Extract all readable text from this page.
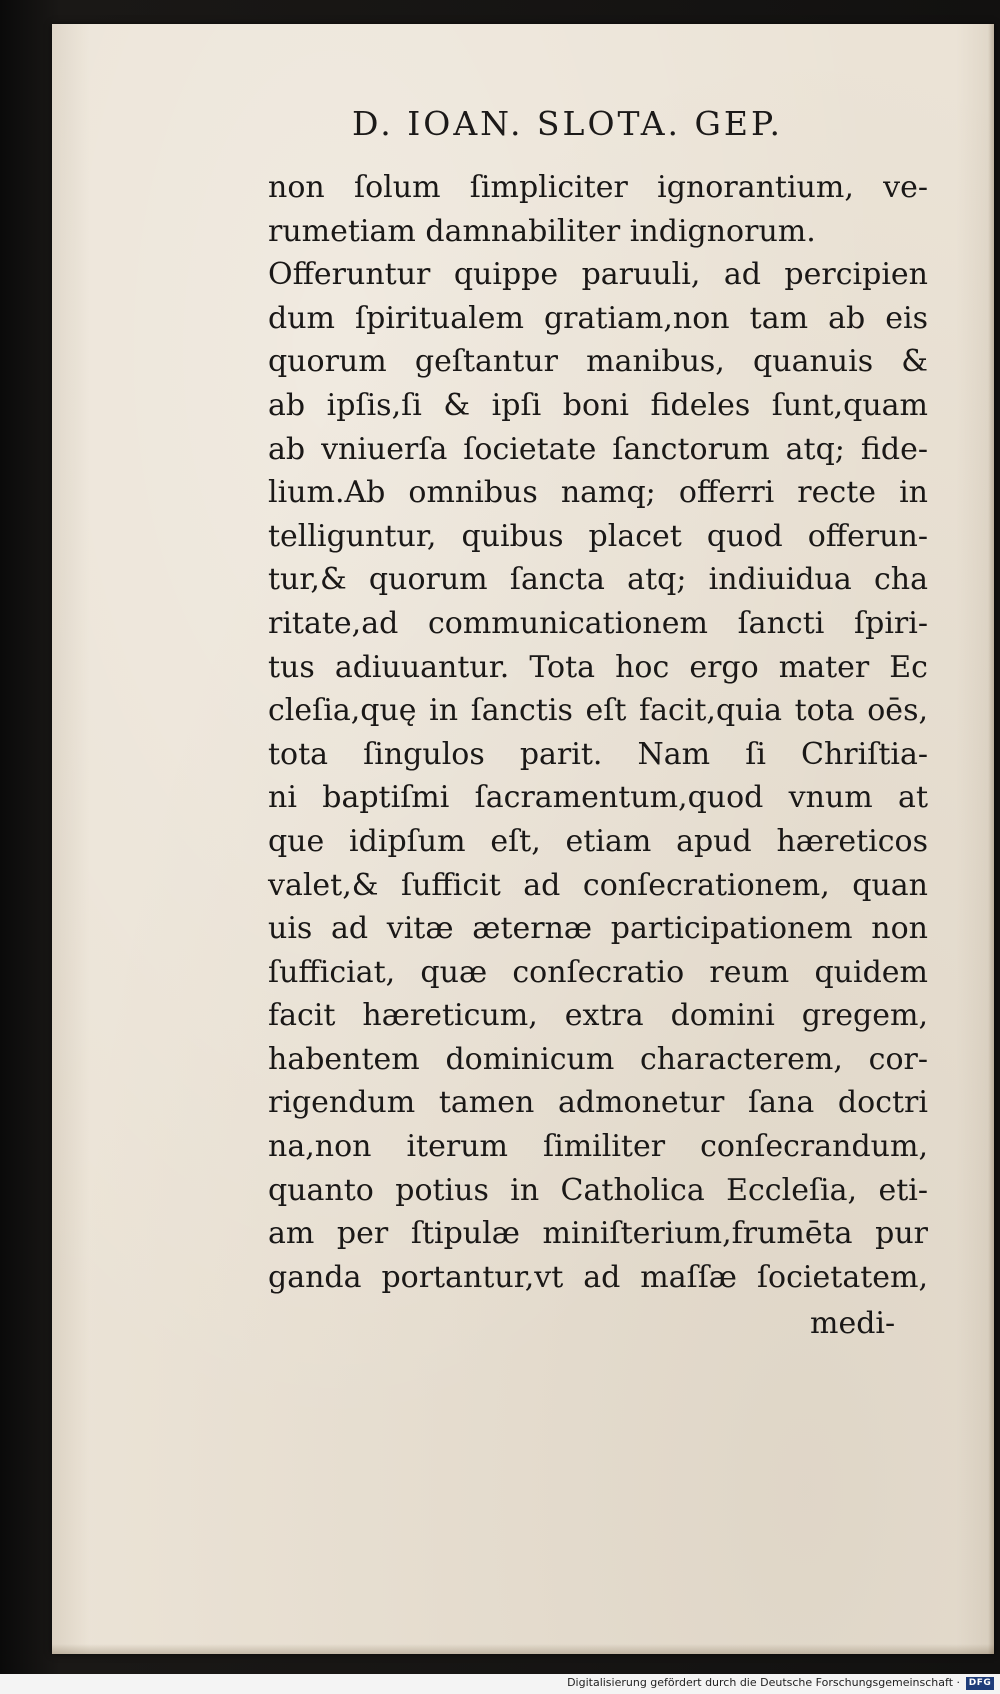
D. IOAN. SLOTA. GEP.
non ſolum ſimpliciter ignorantium, ve-
rumetiam damnabiliter indignorum.
Offeruntur quippe paruuli, ad percipien
dum ſpiritualem gratiam,non tam ab eis
quorum geſtantur manibus, quanuis &
ab ipſis,ſi & ipſi boni fideles ſunt,quam
ab vniuerſa ſocietate ſanctorum atq; fide-
lium.Ab omnibus namq; offerri recte in
telliguntur, quibus placet quod offerun-
tur,& quorum ſancta atq; indiuidua cha
ritate,ad communicationem ſancti ſpiri-
tus adiuuantur. Tota hoc ergo mater Ec
cleſia,quę in ſanctis eſt facit,quia tota oēs,
tota ſingulos parit. Nam ſi Chriſtia-
ni baptiſmi ſacramentum,quod vnum at
que idipſum eſt, etiam apud hæreticos
valet,& ſufficit ad conſecrationem, quan
uis ad vitæ æternæ participationem non
ſufficiat, quæ conſecratio reum quidem
facit hæreticum, extra domini gregem,
habentem dominicum characterem, cor-
rigendum tamen admonetur ſana doctri
na,non iterum ſimiliter conſecrandum,
quanto potius in Catholica Eccleſia, eti-
am per ſtipulæ miniſterium,frumēta pur
ganda portantur,vt ad maſſæ ſocietatem,
medi-
Digitalisierung gefördert durch die Deutsche Forschungsgemeinschaft · DFG
